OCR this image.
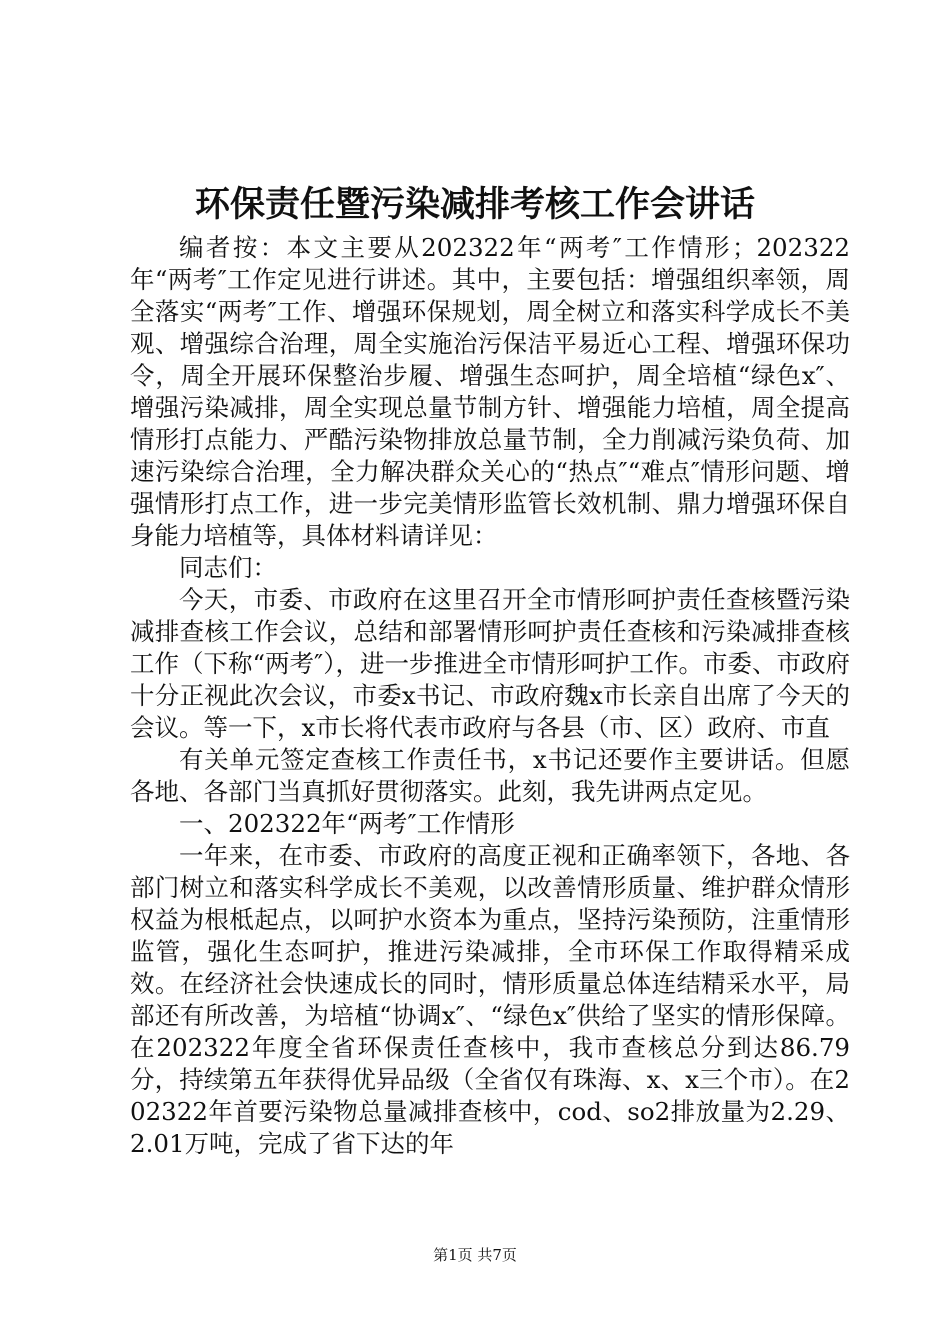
环保责任暨污染减排考核工作会讲话

编者按：本文主要从202322年“两考″工作情形；202322年“两考″工作定见进行讲述。其中，主要包括：增强组织率领，周全落实“两考″工作、增强环保规划，周全树立和落实科学成长不美观、增强综合治理，周全实施治污保洁平易近心工程、增强环保功令，周全开展环保整治步履、增强生态呵护，周全培植“绿色x″、增强污染减排，周全实现总量节制方针、增强能力培植，周全提高情形打点能力、严酷污染物排放总量节制，全力削减污染负荷、加速污染综合治理，全力解决群众关心的“热点″“难点″情形问题、增强情形打点工作，进一步完美情形监管长效机制、鼎力增强环保自身能力培植等，具体材料请详见：

同志们：

今天，市委、市政府在这里召开全市情形呵护责任查核暨污染减排查核工作会议，总结和部署情形呵护责任查核和污染减排查核工作（下称“两考″），进一步推进全市情形呵护工作。市委、市政府十分正视此次会议，市委x书记、市政府魏x市长亲自出席了今天的会议。等一下，x市长将代表市政府与各县（市、区）政府、市直

有关单元签定查核工作责任书，x书记还要作主要讲话。但愿各地、各部门当真抓好贯彻落实。此刻，我先讲两点定见。

一、202322年“两考″工作情形

一年来，在市委、市政府的高度正视和正确率领下，各地、各部门树立和落实科学成长不美观，以改善情形质量、维护群众情形权益为根柢起点，以呵护水资本为重点，坚持污染预防，注重情形监管，强化生态呵护，推进污染减排，全市环保工作取得精采成效。在经济社会快速成长的同时，情形质量总体连结精采水平，局部还有所改善，为培植“协调x″、“绿色x″供给了坚实的情形保障。在202322年度全省环保责任查核中，我市查核总分到达86.79分，持续第五年获得优异品级（全省仅有珠海、x、x三个市）。在202322年首要污染物总量减排查核中，cod、so2排放量为2.29、2.01万吨，完成了省下达的年

第1页 共7页
